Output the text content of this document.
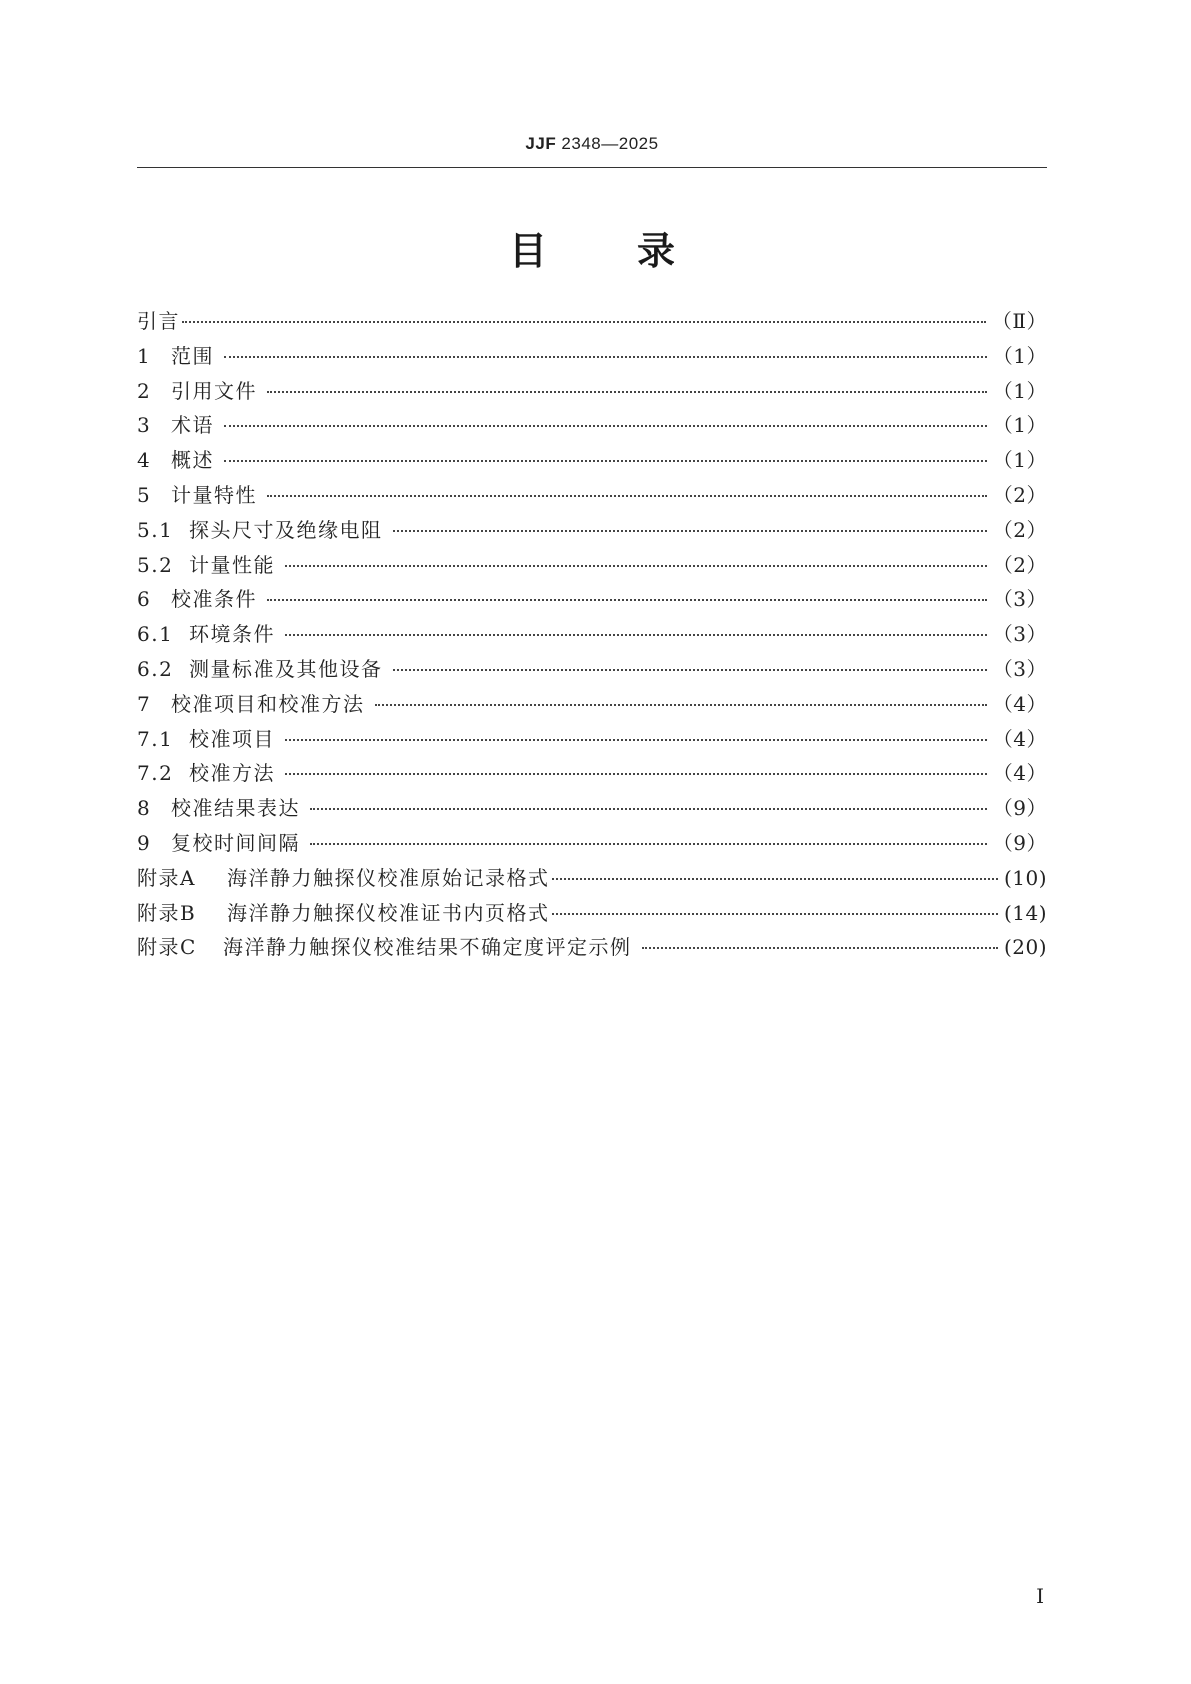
JJF 2348—2025
目 录
引言	（Ⅱ）
1 范围	（1）
2 引用文件	（1）
3 术语	（1）
4 概述	（1）
5 计量特性	（2）
5.1 探头尺寸及绝缘电阻	（2）
5.2 计量性能	（2）
6 校准条件	（3）
6.1 环境条件	（3）
6.2 测量标准及其他设备	（3）
7 校准项目和校准方法	（4）
7.1 校准项目	（4）
7.2 校准方法	（4）
8 校准结果表达	（9）
9 复校时间间隔	（9）
附录A	海洋静力触探仪校准原始记录格式	(10)
附录B	海洋静力触探仪校准证书内页格式	(14)
附录C	海洋静力触探仪校准结果不确定度评定示例	(20)
I
